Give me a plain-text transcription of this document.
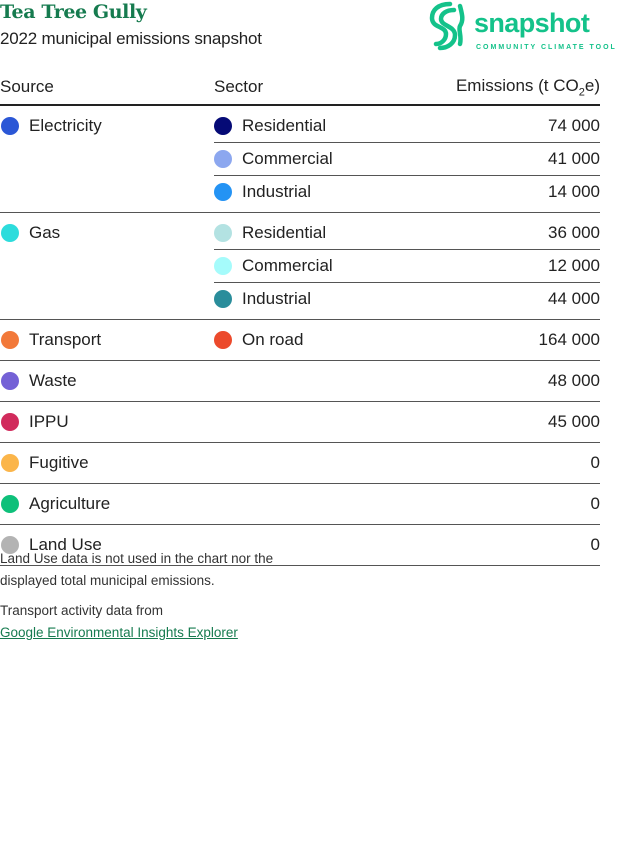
Tea Tree Gully
2022 municipal emissions snapshot
snapshot
COMMUNITY CLIMATE TOOL
Source	Sector	Emissions (t $CO_2e$)

Electricity	Residential	74 000

	Commercial	41 000

	Industrial	14 000

Gas	Residential	36 000

	Commercial	12 000

	Industrial	44 000

Transport	On road	164 000

Waste		48 000

IPPU		45 000

Fugitive		0

Agriculture		0

Land Use		0

Land Use data is not used in the chart nor the
displayed total municipal emissions.

Transport activity data from
Google Environmental Insights Explorer
